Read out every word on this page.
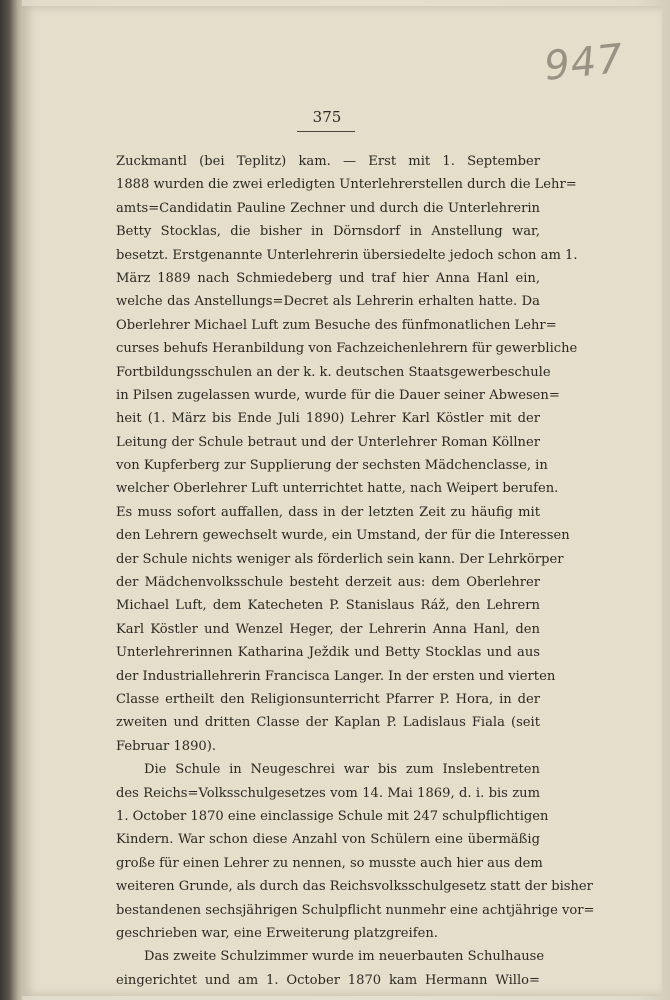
947
375
Zuckmantl (bei Teplitz) kam. — Erst mit 1. September
1888 wurden die zwei erledigten Unterlehrerstellen durch die Lehr=
amts=Candidatin Pauline Zechner und durch die Unterlehrerin
Betty Stocklas, die bisher in Dörnsdorf in Anstellung war,
besetzt. Erstgenannte Unterlehrerin übersiedelte jedoch schon am 1.
März 1889 nach Schmiedeberg und traf hier Anna Hanl ein,
welche das Anstellungs=Decret als Lehrerin erhalten hatte. Da
Oberlehrer Michael Luft zum Besuche des fünfmonatlichen Lehr=
curses behufs Heranbildung von Fachzeichenlehrern für gewerbliche
Fortbildungsschulen an der k. k. deutschen Staatsgewerbeschule
in Pilsen zugelassen wurde, wurde für die Dauer seiner Abwesen=
heit (1. März bis Ende Juli 1890) Lehrer Karl Köstler mit der
Leitung der Schule betraut und der Unterlehrer Roman Köllner
von Kupferberg zur Supplierung der sechsten Mädchenclasse, in
welcher Oberlehrer Luft unterrichtet hatte, nach Weipert berufen.
Es muss sofort auffallen, dass in der letzten Zeit zu häufig mit
den Lehrern gewechselt wurde, ein Umstand, der für die Interessen
der Schule nichts weniger als förderlich sein kann. Der Lehrkörper
der Mädchenvolksschule besteht derzeit aus: dem Oberlehrer
Michael Luft, dem Katecheten P. Stanislaus Ráž, den Lehrern
Karl Köstler und Wenzel Heger, der Lehrerin Anna Hanl, den
Unterlehrerinnen Katharina Ježdik und Betty Stocklas und aus
der Industriallehrerin Francisca Langer. In der ersten und vierten
Classe ertheilt den Religionsunterricht Pfarrer P. Hora, in der
zweiten und dritten Classe der Kaplan P. Ladislaus Fiala (seit
Februar 1890).
Die Schule in Neugeschrei war bis zum Inslebentreten
des Reichs=Volksschulgesetzes vom 14. Mai 1869, d. i. bis zum
1. October 1870 eine einclassige Schule mit 247 schulpflichtigen
Kindern. War schon diese Anzahl von Schülern eine übermäßig
große für einen Lehrer zu nennen, so musste auch hier aus dem
weiteren Grunde, als durch das Reichsvolksschulgesetz statt der bisher
bestandenen sechsjährigen Schulpflicht nunmehr eine achtjährige vor=
geschrieben war, eine Erweiterung platzgreifen.
Das zweite Schulzimmer wurde im neuerbauten Schulhause
eingerichtet und am 1. October 1870 kam Hermann Willo=
